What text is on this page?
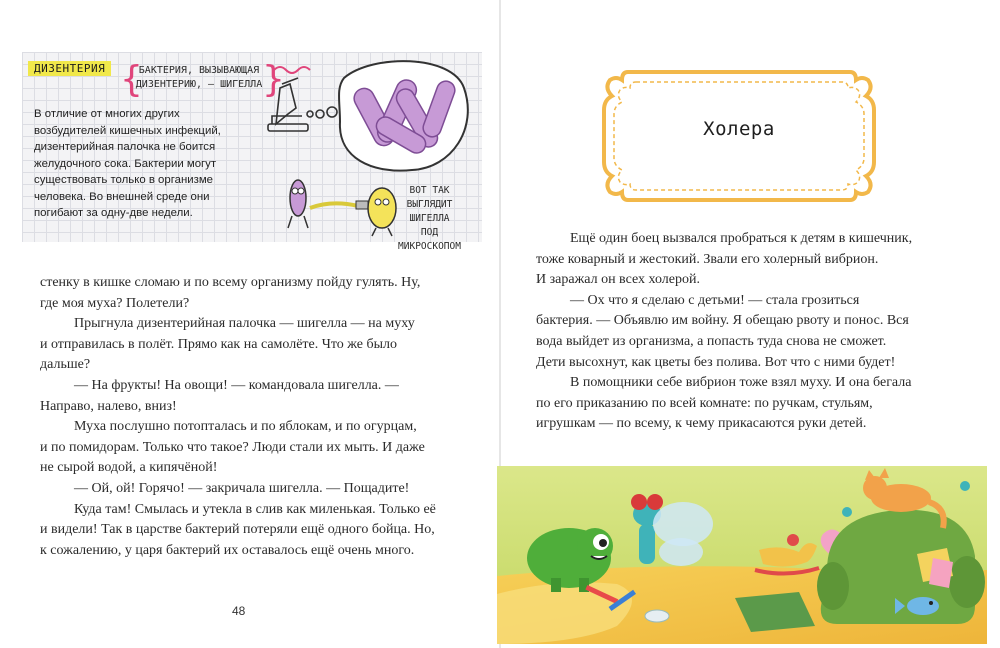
ДИЗЕНТЕРИЯ {
БАКТЕРИЯ, ВЫЗЫВАЮЩАЯ
ДИЗЕНТЕРИЮ, — ШИГЕЛЛА }
В отличие от многих других
возбудителей кишечных инфекций,
дизентерийная палочка не боится
желудочного сока. Бактерии могут
существовать только в организме
человека. Во внешней среде они
погибают за одну-две недели.
ВОТ ТАК ВЫГЛЯДИТ
ШИГЕЛЛА
ПОД МИКРОСКОПОМ

стенку в кишке сломаю и по всему организму пойду гулять. Ну,
где моя муха? Полетели?

Прыгнула дизентерийная палочка — шигелла — на муху
и отправилась в полёт. Прямо как на самолёте. Что же было
дальше?

— На фрукты! На овощи! — командовала шигелла. —
Направо, налево, вниз!

Муха послушно потопталась и по яблокам, и по огурцам,
и по помидорам. Только что такое? Люди стали их мыть. И даже
не сырой водой, а кипячёной!

— Ой, ой! Горячо! — закричала шигелла. — Пощадите!

Куда там! Смылась и утекла в слив как миленькая. Только её
и видели! Так в царстве бактерий потеряли ещё одного бойца. Но,
к сожалению, у царя бактерий их оставалось ещё очень много.

48
Холера

Ещё один боец вызвался пробраться к детям в кишечник,
тоже коварный и жестокий. Звали его холерный вибрион.
И заражал он всех холерой.

— Ох что я сделаю с детьми! — стала грозиться
бактерия. — Объявлю им войну. Я обещаю рвоту и понос. Вся
вода выйдет из организма, а попасть туда снова не сможет.
Дети высохнут, как цветы без полива. Вот что с ними будет!

В помощники себе вибрион тоже взял муху. И она бегала
по его приказанию по всей комнате: по ручкам, стульям,
игрушкам — по всему, к чему прикасаются руки детей.
